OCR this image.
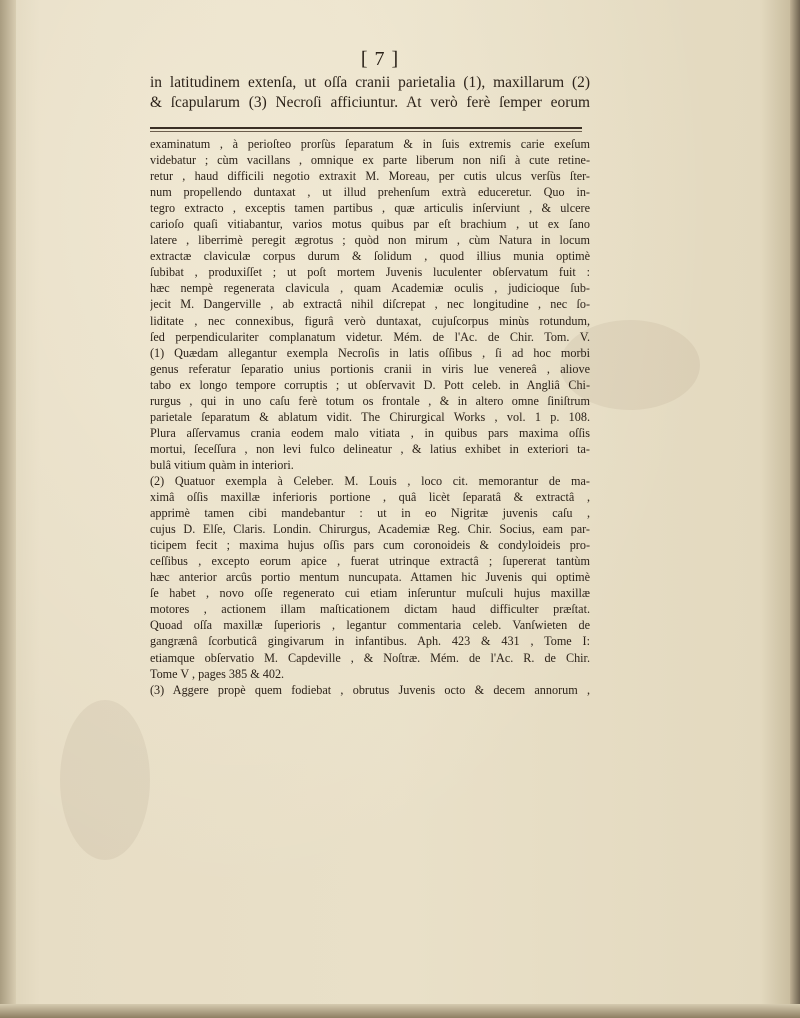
[ 7 ]
in latitudinem extenſa, ut oſſa cranii parietalia (1), maxillarum (2)
& ſcapularum (3) Necroſi afficiuntur. At verò ferè ſemper eorum
examinatum , à perioſteo prorſùs ſeparatum & in ſuis extremis carie exeſum
videbatur ; cùm vacillans , omnique ex parte liberum non niſi à cute retine-
retur , haud difficili negotio extraxit M. Moreau, per cutis ulcus verſùs ſter-
num propellendo duntaxat , ut illud prehenſum extrà educeretur. Quo in-
tegro extracto , exceptis tamen partibus , quæ articulis inſerviunt , & ulcere
carioſo quaſi vitiabantur, varios motus quibus par eſt brachium , ut ex ſano
latere , liberrimè peregit ægrotus ; quòd non mirum , cùm Natura in locum
extractæ claviculæ corpus durum & ſolidum , quod illius munia optimè
ſubibat , produxiſſet ; ut poſt mortem Juvenis luculenter obſervatum fuit :
hæc nempè regenerata clavicula , quam Academiæ oculis , judicioque ſub-
jecit M. Dangerville , ab extractâ nihil diſcrepat , nec longitudine , nec ſo-
liditate , nec connexibus, figurâ verò duntaxat, cujuſcorpus minùs rotundum,
ſed perpendiculariter complanatum videtur. Mém. de l'Ac. de Chir. Tom. V.
(1) Quædam allegantur exempla Necroſis in latis oſſibus , ſi ad hoc morbi
genus referatur ſeparatio unius portionis cranii in viris lue venereâ , aliove
tabo ex longo tempore corruptis ; ut obſervavit D. Pott celeb. in Angliâ Chi-
rurgus , qui in uno caſu ferè totum os frontale , & in altero omne ſiniſtrum
parietale ſeparatum & ablatum vidit. The Chirurgical Works , vol. 1 p. 108.
Plura aſſervamus crania eodem malo vitiata , in quibus pars maxima oſſis
mortui, ſeceſſura , non levi fulco delineatur , & latius exhibet in exteriori ta-
bulâ vitium quàm in interiori.
(2) Quatuor exempla à Celeber. M. Louis , loco cit. memorantur de ma-
ximâ oſſis maxillæ inferioris portione , quâ licèt ſeparatâ & extractâ ,
apprimè tamen cibi mandebantur : ut in eo Nigritæ juvenis caſu ,
cujus D. Elſe, Claris. Londin. Chirurgus, Academiæ Reg. Chir. Socius, eam par-
ticipem fecit ; maxima hujus oſſis pars cum coronoideis & condyloideis pro-
ceſſibus , excepto eorum apice , fuerat utrinque extractâ ; ſupererat tantùm
hæc anterior arcûs portio mentum nuncupata. Attamen hic Juvenis qui optimè
ſe habet , novo oſſe regenerato cui etiam inſeruntur muſculi hujus maxillæ
motores , actionem illam maſticationem dictam haud difficulter præſtat.
Quoad oſſa maxillæ ſuperioris , legantur commentaria celeb. Vanſwieten de
gangrænâ ſcorbuticâ gingivarum in infantibus. Aph. 423 & 431 , Tome I:
etiamque obſervatio M. Capdeville , & Noſtræ. Mém. de l'Ac. R. de Chir.
Tome V , pages 385 & 402.
(3) Aggere propè quem fodiebat , obrutus Juvenis octo & decem annorum ,
